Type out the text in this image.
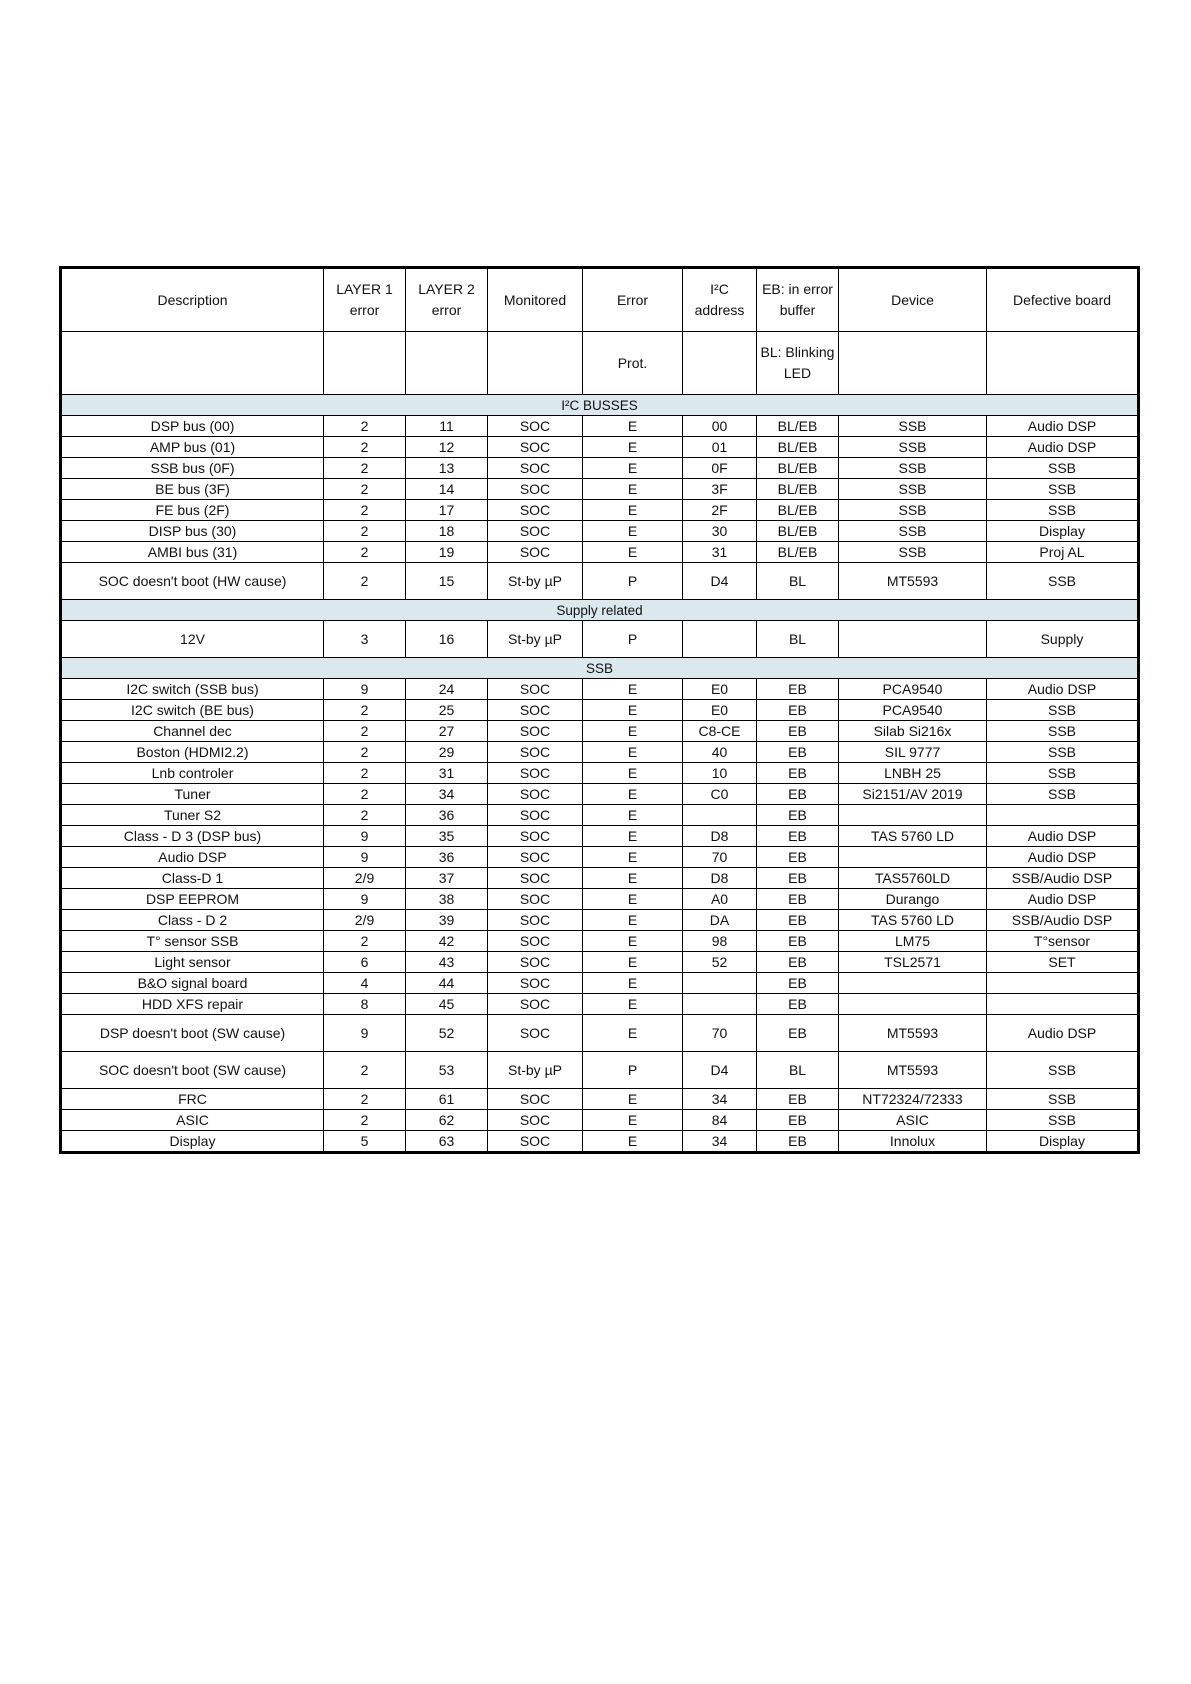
Description	LAYER 1 error	LAYER 2 error	Monitored	Error	I²C address	EB: in error buffer	Device	Defective board
				Prot.		BL: Blinking LED		
I²C BUSSES								
DSP bus (00)	2	11	SOC	E	00	BL/EB	SSB	Audio DSP
AMP bus (01)	2	12	SOC	E	01	BL/EB	SSB	Audio DSP
SSB bus (0F)	2	13	SOC	E	0F	BL/EB	SSB	SSB
BE bus (3F)	2	14	SOC	E	3F	BL/EB	SSB	SSB
FE bus (2F)	2	17	SOC	E	2F	BL/EB	SSB	SSB
DISP bus (30)	2	18	SOC	E	30	BL/EB	SSB	Display
AMBI bus (31)	2	19	SOC	E	31	BL/EB	SSB	Proj AL
SOC doesn't boot (HW cause)	2	15	St-by µP	P	D4	BL	MT5593	SSB
Supply related								
12V	3	16	St-by µP	P		BL		Supply
SSB								
I2C switch (SSB bus)	9	24	SOC	E	E0	EB	PCA9540	Audio DSP
I2C switch (BE bus)	2	25	SOC	E	E0	EB	PCA9540	SSB
Channel dec	2	27	SOC	E	C8-CE	EB	Silab Si216x	SSB
Boston (HDMI2.2)	2	29	SOC	E	40	EB	SIL 9777	SSB
Lnb controler	2	31	SOC	E	10	EB	LNBH 25	SSB
Tuner	2	34	SOC	E	C0	EB	Si2151/AV 2019	SSB
Tuner S2	2	36	SOC	E		EB		
Class - D 3 (DSP bus)	9	35	SOC	E	D8	EB	TAS 5760 LD	Audio DSP
Audio DSP	9	36	SOC	E	70	EB		Audio DSP
Class-D 1	2/9	37	SOC	E	D8	EB	TAS5760LD	SSB/Audio DSP
DSP EEPROM	9	38	SOC	E	A0	EB	Durango	Audio DSP
Class - D 2	2/9	39	SOC	E	DA	EB	TAS 5760 LD	SSB/Audio DSP
T° sensor SSB	2	42	SOC	E	98	EB	LM75	T°sensor
Light sensor	6	43	SOC	E	52	EB	TSL2571	SET
B&O signal board	4	44	SOC	E		EB		
HDD XFS repair	8	45	SOC	E		EB		
DSP doesn't boot (SW cause)	9	52	SOC	E	70	EB	MT5593	Audio DSP
SOC doesn't boot (SW cause)	2	53	St-by µP	P	D4	BL	MT5593	SSB
FRC	2	61	SOC	E	34	EB	NT72324/72333	SSB
ASIC	2	62	SOC	E	84	EB	ASIC	SSB
Display	5	63	SOC	E	34	EB	Innolux	Display
